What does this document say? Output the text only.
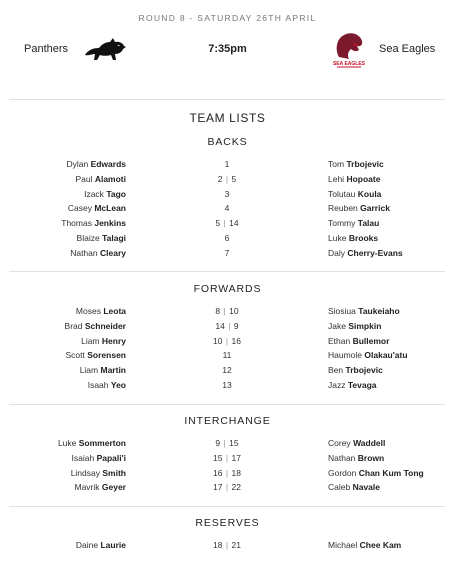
ROUND 8 - SATURDAY 26TH APRIL
Panthers	7:35pm
SEA EAGLES
Sea Eagles
TEAM LISTS
BACKS
Dylan Edwards	1	Tom Trbojevic
Paul Alamoti	2 | 5	Lehi Hopoate
Izack Tago	3	Tolutau Koula
Casey McLean	4	Reuben Garrick
Thomas Jenkins	5 | 14	Tommy Talau
Blaize Talagi	6	Luke Brooks
Nathan Cleary	7	Daly Cherry-Evans
FORWARDS
Moses Leota	8 | 10	Siosiua Taukeiaho
Brad Schneider	14 | 9	Jake Simpkin
Liam Henry	10 | 16	Ethan Bullemor
Scott Sorensen	11	Haumole Olakau'atu
Liam Martin	12	Ben Trbojevic
Isaah Yeo	13	Jazz Tevaga
INTERCHANGE
Luke Sommerton	9 | 15	Corey Waddell
Isaiah Papali'i	15 | 17	Nathan Brown
Lindsay Smith	16 | 18	Gordon Chan Kum Tong
Mavrik Geyer	17 | 22	Caleb Navale
RESERVES
Daine Laurie	18 | 21	Michael Chee Kam
